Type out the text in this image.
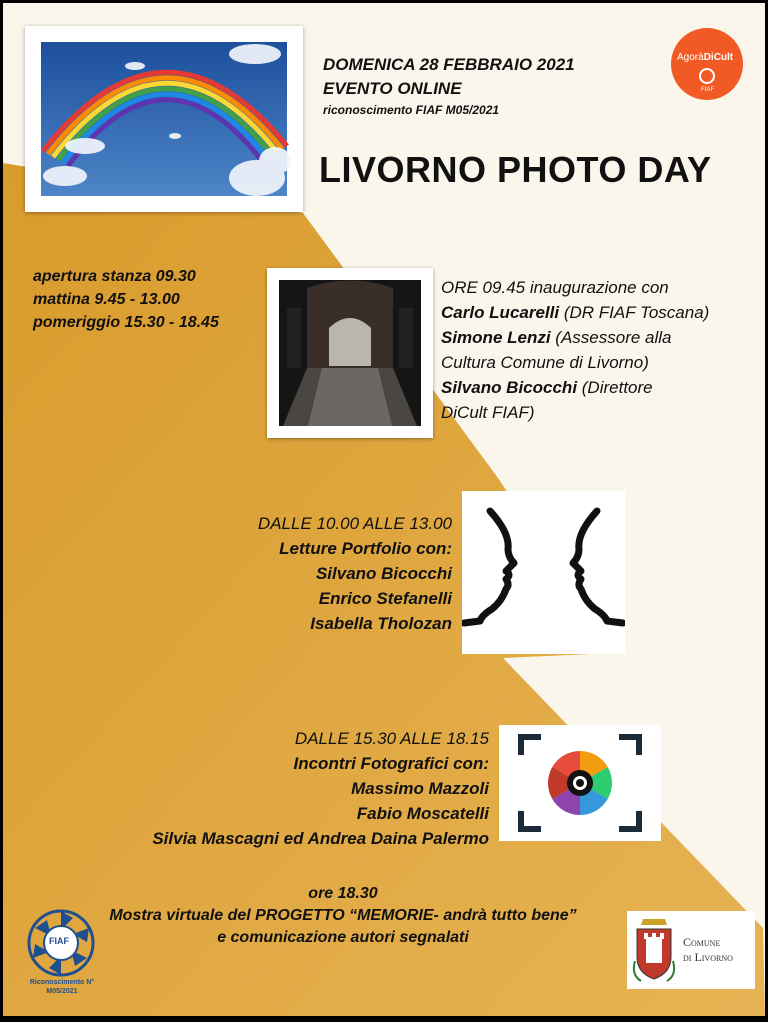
DOMENICA 28 FEBBRAIO 2021
EVENTO ONLINE
riconoscimento FIAF M05/2021
LIVORNO PHOTO DAY
AgoràDiCult
FIAF
apertura stanza 09.30
mattina 9.45 - 13.00
pomeriggio 15.30 - 18.45
ORE 09.45 inaugurazione con
Carlo Lucarelli (DR FIAF Toscana)
Simone Lenzi (Assessore alla
Cultura Comune di Livorno)
Silvano Bicocchi (Direttore
DiCult FIAF)
DALLE 10.00 ALLE 13.00
Letture Portfolio con:
Silvano Bicocchi
Enrico Stefanelli
Isabella Tholozan
DALLE 15.30 ALLE 18.15
Incontri Fotografici con:
Massimo Mazzoli
Fabio Moscatelli
Silvia Mascagni ed Andrea Daina Palermo
ore 18.30
Mostra virtuale del PROGETTO “MEMORIE- andrà tutto bene”
e comunicazione autori segnalati
FIAF
Riconoscimento N°
M05/2021
Comune
di Livorno
